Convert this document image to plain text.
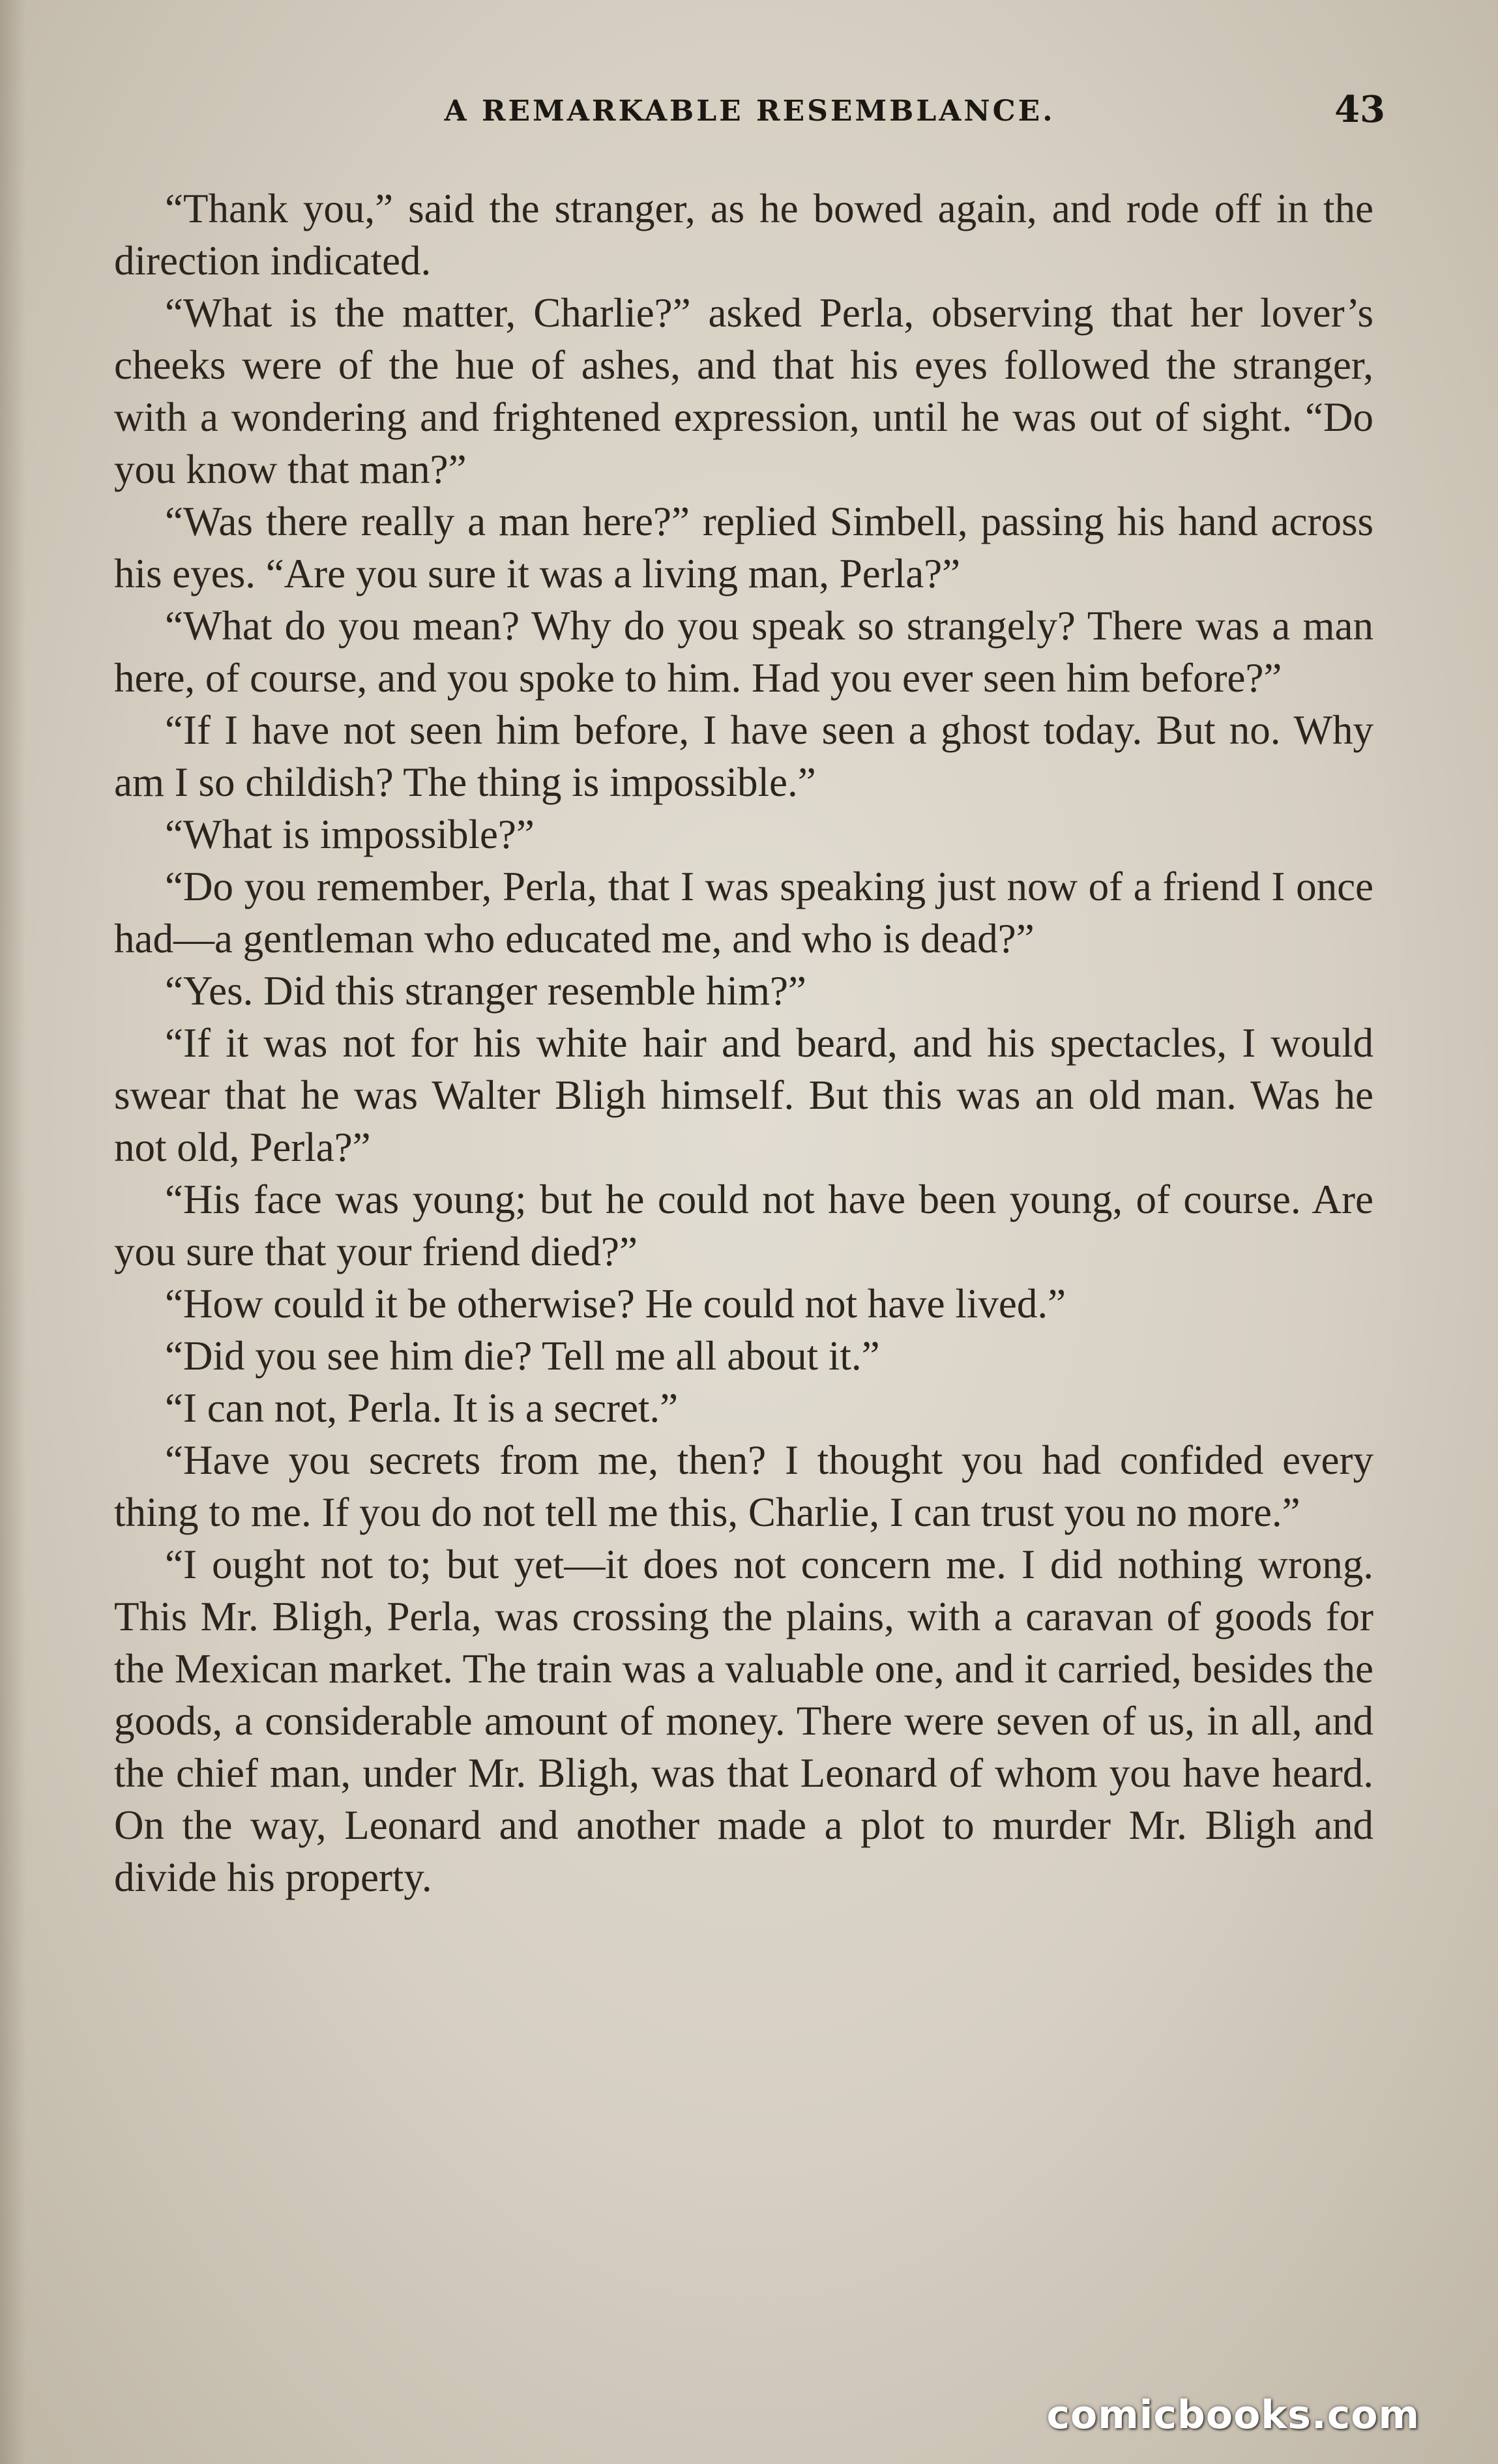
A REMARKABLE RESEMBLANCE.	43

“Thank you,” said the stranger, as he bowed again, and rode off in the direction indicated.

“What is the matter, Charlie?” asked Perla, observing that her lover’s cheeks were of the hue of ashes, and that his eyes followed the stranger, with a wondering and frightened expression, until he was out of sight. “Do you know that man?”

“Was there really a man here?” replied Simbell, passing his hand across his eyes. “Are you sure it was a living man, Perla?”

“What do you mean? Why do you speak so strangely? There was a man here, of course, and you spoke to him. Had you ever seen him before?”

“If I have not seen him before, I have seen a ghost today. But no. Why am I so childish? The thing is impossible.”

“What is impossible?”

“Do you remember, Perla, that I was speaking just now of a friend I once had—a gentleman who educated me, and who is dead?”

“Yes. Did this stranger resemble him?”

“If it was not for his white hair and beard, and his spectacles, I would swear that he was Walter Bligh himself. But this was an old man. Was he not old, Perla?”

“His face was young; but he could not have been young, of course. Are you sure that your friend died?”

“How could it be otherwise? He could not have lived.”

“Did you see him die? Tell me all about it.”

“I can not, Perla. It is a secret.”

“Have you secrets from me, then? I thought you had confided every thing to me. If you do not tell me this, Charlie, I can trust you no more.”

“I ought not to; but yet—it does not concern me. I did nothing wrong. This Mr. Bligh, Perla, was crossing the plains, with a caravan of goods for the Mexican market. The train was a valuable one, and it carried, besides the goods, a considerable amount of money. There were seven of us, in all, and the chief man, under Mr. Bligh, was that Leonard of whom you have heard. On the way, Leonard and another made a plot to murder Mr. Bligh and divide his property.

comicbooks.com
